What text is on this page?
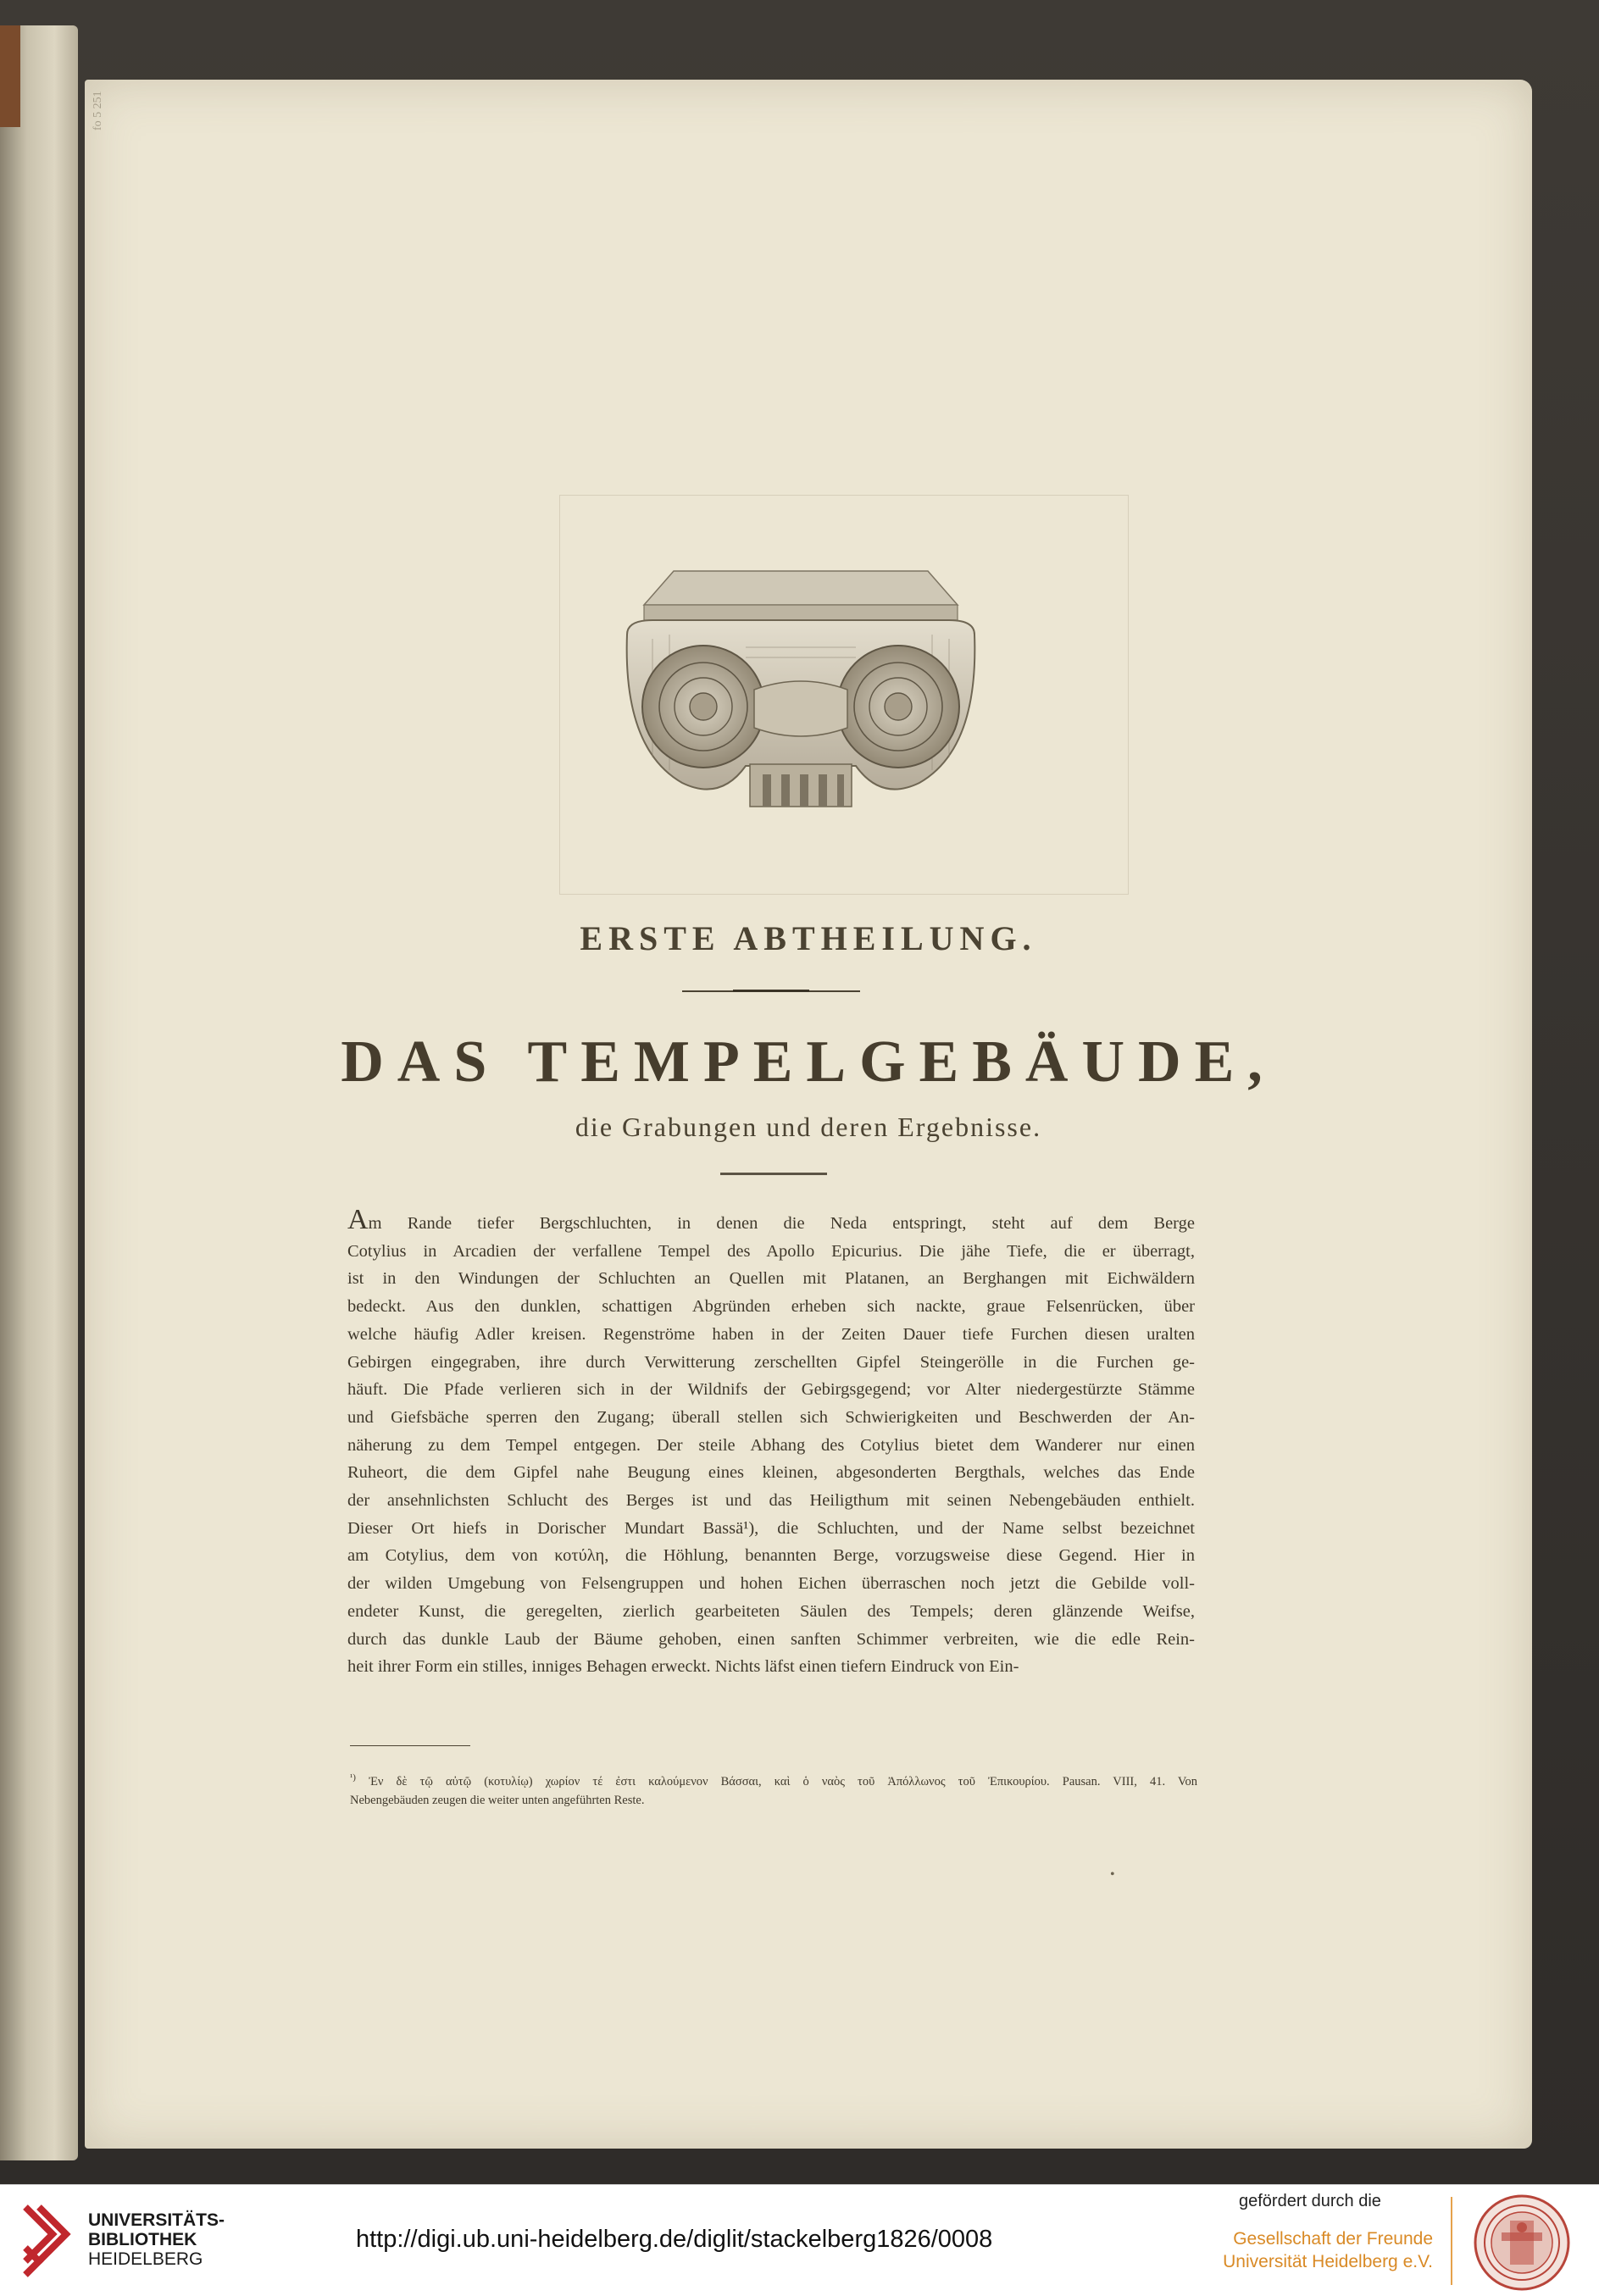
fo 5 251
ERSTE ABTHEILUNG.
DAS TEMPELGEBÄUDE,
die Grabungen und deren Ergebnisse.
Am Rande tiefer Bergschluchten, in denen die Neda entspringt, steht auf dem Berge
Cotylius in Arcadien der verfallene Tempel des Apollo Epicurius. Die jähe Tiefe, die er überragt,
ist in den Windungen der Schluchten an Quellen mit Platanen, an Berghangen mit Eichwäldern
bedeckt. Aus den dunklen, schattigen Abgründen erheben sich nackte, graue Felsenrücken, über
welche häufig Adler kreisen. Regenströme haben in der Zeiten Dauer tiefe Furchen diesen uralten
Gebirgen eingegraben, ihre durch Verwitterung zerschellten Gipfel Steingerölle in die Furchen ge-
häuft. Die Pfade verlieren sich in der Wildnifs der Gebirgsgegend; vor Alter niedergestürzte Stämme
und Giefsbäche sperren den Zugang; überall stellen sich Schwierigkeiten und Beschwerden der An-
näherung zu dem Tempel entgegen. Der steile Abhang des Cotylius bietet dem Wanderer nur einen
Ruheort, die dem Gipfel nahe Beugung eines kleinen, abgesonderten Bergthals, welches das Ende
der ansehnlichsten Schlucht des Berges ist und das Heiligthum mit seinen Nebengebäuden enthielt.
Dieser Ort hiefs in Dorischer Mundart Bassä¹), die Schluchten, und der Name selbst bezeichnet
am Cotylius, dem von κοτύλη, die Höhlung, benannten Berge, vorzugsweise diese Gegend. Hier in
der wilden Umgebung von Felsengruppen und hohen Eichen überraschen noch jetzt die Gebilde voll-
endeter Kunst, die geregelten, zierlich gearbeiteten Säulen des Tempels; deren glänzende Weifse,
durch das dunkle Laub der Bäume gehoben, einen sanften Schimmer verbreiten, wie die edle Rein-
heit ihrer Form ein stilles, inniges Behagen erweckt. Nichts läfst einen tiefern Eindruck von Ein-
$^{^1)}$ Ἐν δὲ τῷ αὐτῷ (κοτυλίῳ) χωρίον τέ ἐστι καλούμενον Βάσσαι, καὶ ὁ ναὸς τοῦ Ἀπόλλωνος τοῦ Ἐπικουρίου. Pausan. VIII, 41. Von
Nebengebäuden zeugen die weiter unten angeführten Reste.
•
UNIVERSITÄTS-
BIBLIOTHEK
HEIDELBERG
http://digi.ub.uni-heidelberg.de/diglit/stackelberg1826/0008
gefördert durch die
Gesellschaft der Freunde
Universität Heidelberg e.V.
